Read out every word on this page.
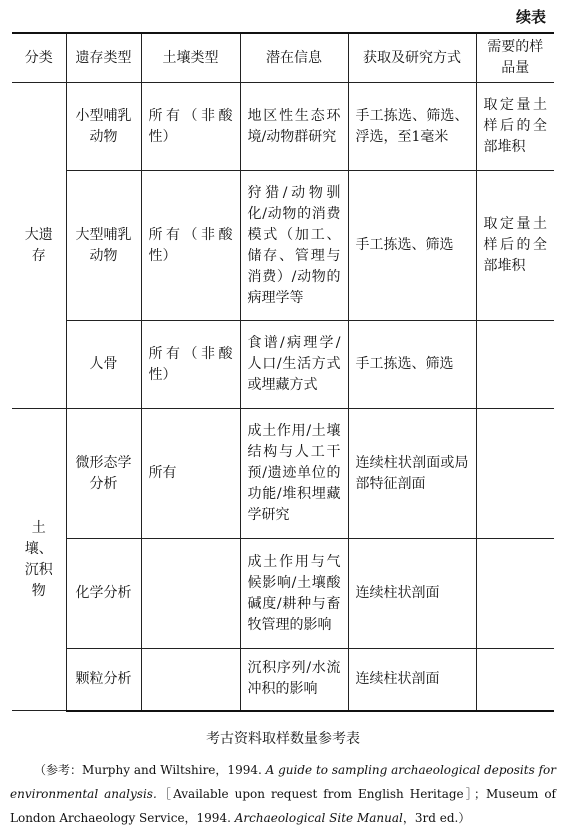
续表
分类	遗存类型	土壤类型	潜在信息	获取及研究方式	需要的样品量
大遗存	小型哺乳动物	所有（非酸性）	地区性生态环境/动物群研究	手工拣选、筛选、浮选，至1毫米	取定量土样后的全部堆积
	大型哺乳动物	所有（非酸性）	狩猎/动物驯化/动物的消费模式（加工、储存、管理与消费）/动物的病理学等	手工拣选、筛选	取定量土样后的全部堆积
	人骨	所有（非酸性）	食谱/病理学/人口/生活方式或埋藏方式	手工拣选、筛选	
土壤、沉积物	微形态学分析	所有	成土作用/土壤结构与人工干预/遗迹单位的功能/堆积埋藏学研究	连续柱状剖面或局部特征剖面	
	化学分析		成土作用与气候影响/土壤酸碱度/耕种与畜牧管理的影响	连续柱状剖面	
	颗粒分析		沉积序列/水流冲积的影响	连续柱状剖面	
考古资料取样数量参考表
（参考：Murphy and Wiltshire，1994. A guide to sampling archaeological deposits for environmental analysis.［Available upon request from English Heritage］；Museum of London Archaeology Service，1994. Archaeological Site Manual，3rd ed.）
